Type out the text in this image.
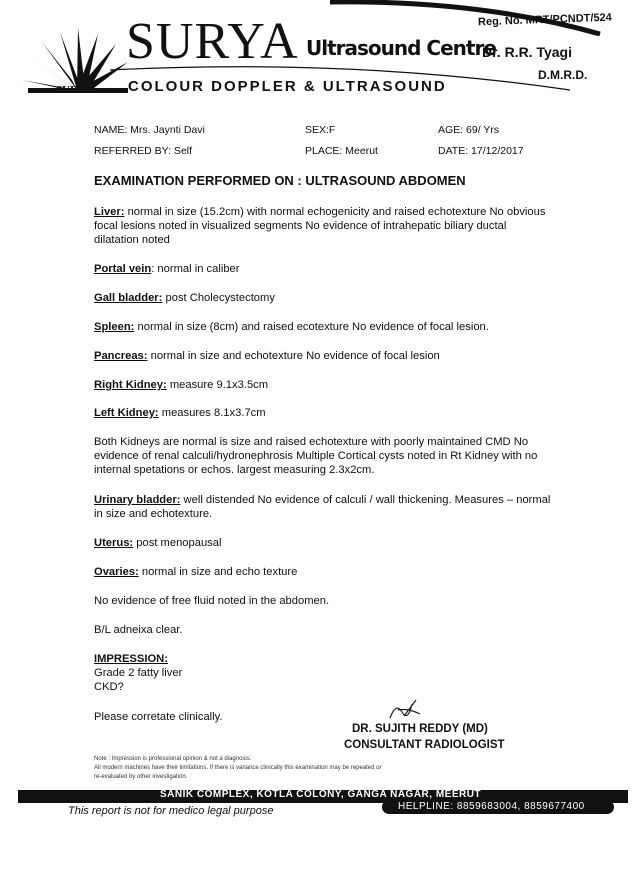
SURYA
Reg. No. MRT/PCNDT/524
SURYA Ultrasound Centre
Dr. R.R. Tyagi
D.M.R.D.
COLOUR DOPPLER & ULTRASOUND
NAME: Mrs. Jaynti Davi	SEX:F	AGE: 69/ Yrs
REFERRED BY: Self	PLACE: Meerut	DATE: 17/12/2017
EXAMINATION PERFORMED ON : ULTRASOUND ABDOMEN
Liver: normal in size (15.2cm) with normal echogenicity and raised echotexture No obvious focal lesions noted in visualized segments No evidence of intrahepatic biliary ductal dilatation noted
Portal vein: normal in caliber
Gall bladder: post Cholecystectomy
Spleen: normal in size (8cm) and raised ecotexture No evidence of focal lesion.
Pancreas: normal in size and echotexture No evidence of focal lesion
Right Kidney: measure 9.1x3.5cm
Left Kidney: measures 8.1x3.7cm
Both Kidneys are normal is size and raised echotexture with poorly maintained CMD No evidence of renal calculi/hydronephrosis Multiple Cortical cysts noted in Rt Kidney with no internal spetations or echos. largest measuring 2.3x2cm.
Urinary bladder: well distended No evidence of calculi / wall thickening. Measures – normal in size and echotexture.
Uterus: post menopausal
Ovaries: normal in size and echo texture
No evidence of free fluid noted in the abdomen.
B/L adneixa clear.
IMPRESSION:
Grade 2 fatty liver
CKD?
Please corretate clinically.
DR. SUJITH REDDY (MD)
CONSULTANT RADIOLOGIST
Note : Impression is professional opinion & not a diagnosis.
All modern machines have their limitations. If there is variance clinically this examination may be repeated or
re-evaluated by other investigation.
SANIK COMPLEX, KOTLA COLONY, GANGA NAGAR, MEERUT
HELPLINE: 8859683004, 8859677400
This report is not for medico legal purpose
